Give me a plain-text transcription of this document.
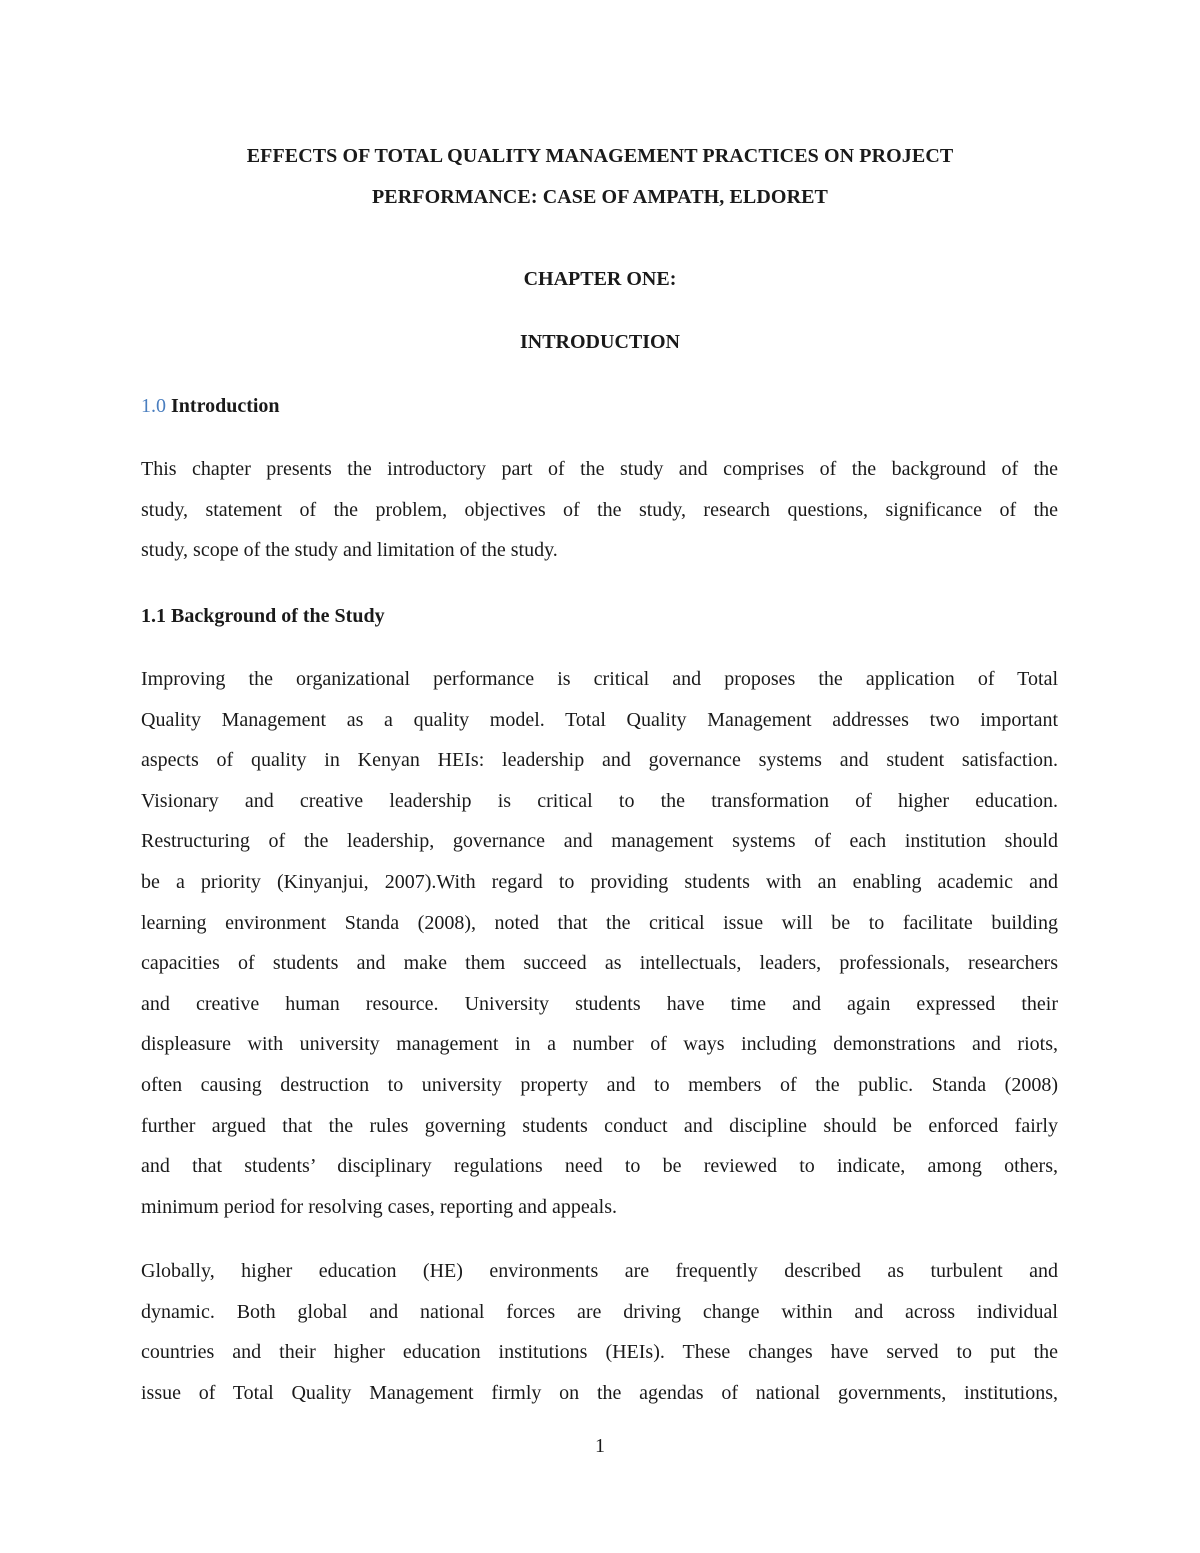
EFFECTS OF TOTAL QUALITY MANAGEMENT PRACTICES ON PROJECT
PERFORMANCE: CASE OF AMPATH, ELDORET
CHAPTER ONE:
INTRODUCTION
1.0 Introduction
This chapter presents the introductory part of the study and comprises of the background of the
study, statement of the problem, objectives of the study, research questions, significance of the
study, scope of the study and limitation of the study.
1.1 Background of the Study
Improving the organizational performance is critical and proposes the application of Total
Quality Management as a quality model. Total Quality Management addresses two important
aspects of quality in Kenyan HEIs: leadership and governance systems and student satisfaction.
Visionary and creative leadership is critical to the transformation of higher education.
Restructuring of the leadership, governance and management systems of each institution should
be a priority (Kinyanjui, 2007).With regard to providing students with an enabling academic and
learning environment Standa (2008), noted that the critical issue will be to facilitate building
capacities of students and make them succeed as intellectuals, leaders, professionals, researchers
and creative human resource. University students have time and again expressed their
displeasure with university management in a number of ways including demonstrations and riots,
often causing destruction to university property and to members of the public. Standa (2008)
further argued that the rules governing students conduct and discipline should be enforced fairly
and that students’ disciplinary regulations need to be reviewed to indicate, among others,
minimum period for resolving cases, reporting and appeals.
Globally, higher education (HE) environments are frequently described as turbulent and
dynamic. Both global and national forces are driving change within and across individual
countries and their higher education institutions (HEIs). These changes have served to put the
issue of Total Quality Management firmly on the agendas of national governments, institutions,
1
